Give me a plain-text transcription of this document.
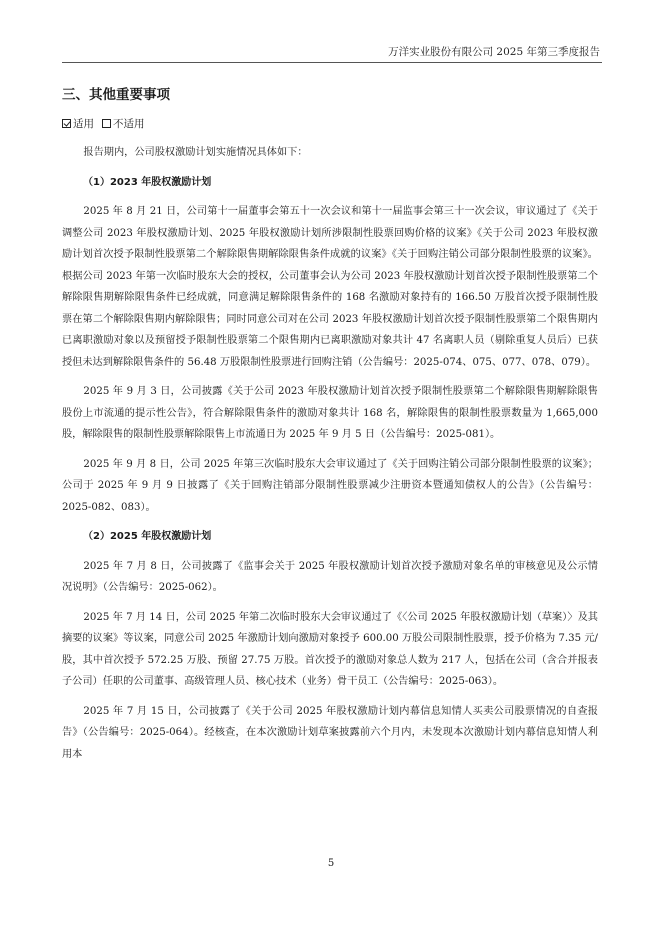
万洋实业股份有限公司 2025 年第三季度报告
三、其他重要事项
适用 不适用

报告期内，公司股权激励计划实施情况具体如下：

（1）2023 年股权激励计划

2025 年 8 月 21 日，公司第十一届董事会第五十一次会议和第十一届监事会第三十一次会议，审议通过了《关于调整公司 2023 年股权激励计划、2025 年股权激励计划所涉限制性股票回购价格的议案》《关于公司 2023 年股权激励计划首次授予限制性股票第二个解除限售期解除限售条件成就的议案》《关于回购注销公司部分限制性股票的议案》。根据公司 2023 年第一次临时股东大会的授权，公司董事会认为公司 2023 年股权激励计划首次授予限制性股票第二个解除限售期解除限售条件已经成就，同意满足解除限售条件的 168 名激励对象持有的 166.50 万股首次授予限制性股票在第二个解除限售期内解除限售；同时同意公司对在公司 2023 年股权激励计划首次授予限制性股票第二个限售期内已离职激励对象以及预留授予限制性股票第二个限售期内已离职激励对象共计 47 名离职人员（剔除重复人员后）已获授但未达到解除限售条件的 56.48 万股限制性股票进行回购注销（公告编号：2025-074、075、077、078、079）。

2025 年 9 月 3 日，公司披露《关于公司 2023 年股权激励计划首次授予限制性股票第二个解除限售期解除限售股份上市流通的提示性公告》，符合解除限售条件的激励对象共计 168 名，解除限售的限制性股票数量为 1,665,000 股，解除限售的限制性股票解除限售上市流通日为 2025 年 9 月 5 日（公告编号：2025-081）。

2025 年 9 月 8 日，公司 2025 年第三次临时股东大会审议通过了《关于回购注销公司部分限制性股票的议案》；公司于 2025 年 9 月 9 日披露了《关于回购注销部分限制性股票减少注册资本暨通知债权人的公告》（公告编号：2025-082、083）。

（2）2025 年股权激励计划

2025 年 7 月 8 日，公司披露了《监事会关于 2025 年股权激励计划首次授予激励对象名单的审核意见及公示情况说明》（公告编号：2025-062）。

2025 年 7 月 14 日，公司 2025 年第二次临时股东大会审议通过了《〈公司 2025 年股权激励计划（草案）〉及其摘要的议案》等议案，同意公司 2025 年激励计划向激励对象授予 600.00 万股公司限制性股票，授予价格为 7.35 元/股，其中首次授予 572.25 万股、预留 27.75 万股。首次授予的激励对象总人数为 217 人，包括在公司（含合并报表子公司）任职的公司董事、高级管理人员、核心技术（业务）骨干员工（公告编号：2025-063）。

2025 年 7 月 15 日，公司披露了《关于公司 2025 年股权激励计划内幕信息知情人买卖公司股票情况的自查报告》（公告编号：2025-064）。经核查，在本次激励计划草案披露前六个月内，未发现本次激励计划内幕信息知情人利用本

5
